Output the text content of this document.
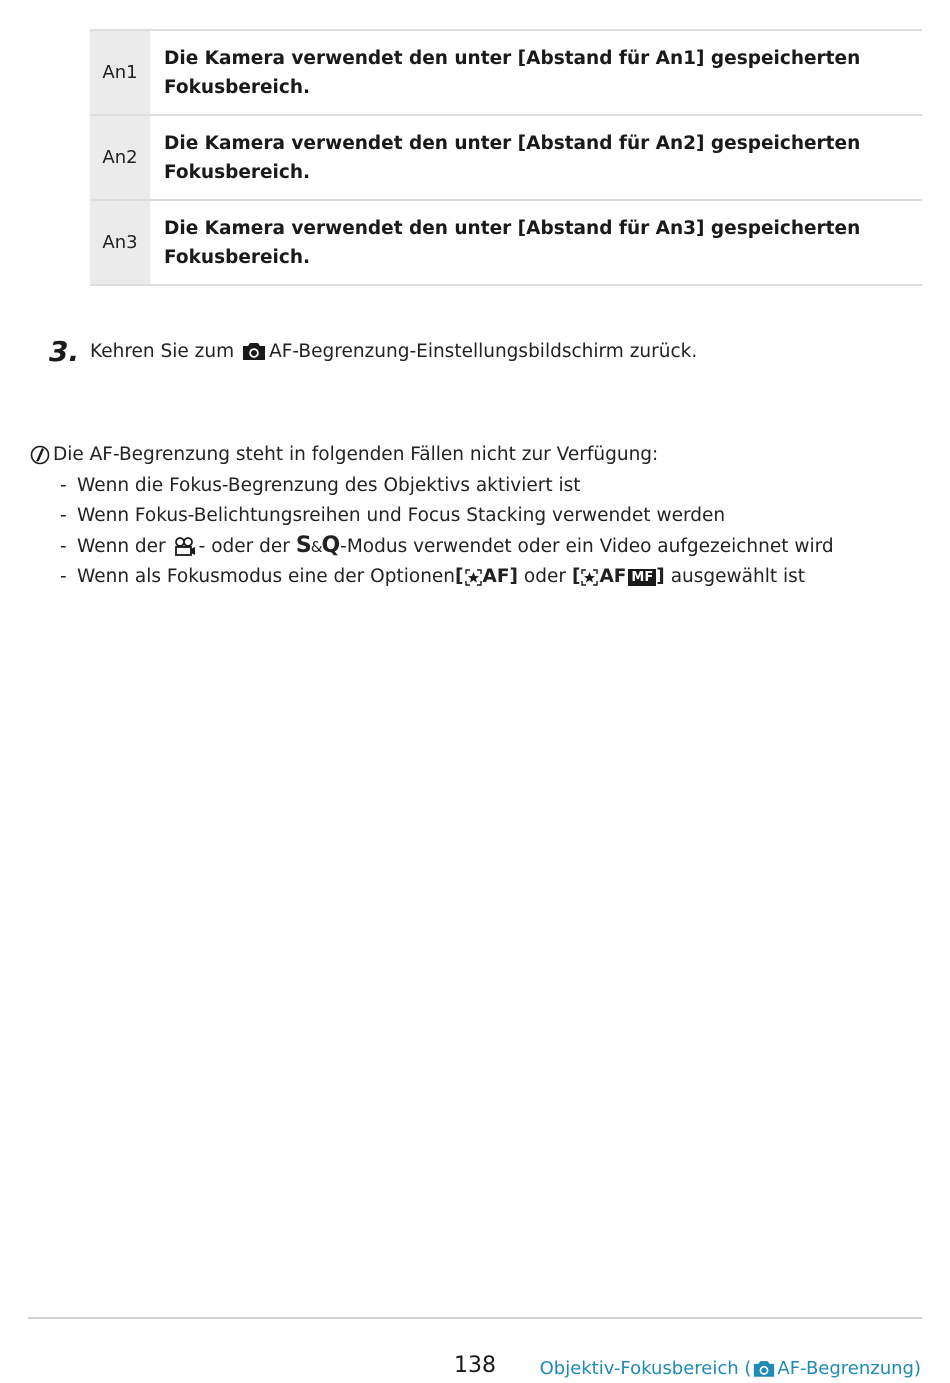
An1	Die Kamera verwendet den unter [Abstand für An1] gespeicherten Fokusbereich.
An2	Die Kamera verwendet den unter [Abstand für An2] gespeicherten Fokusbereich.
An3	Die Kamera verwendet den unter [Abstand für An3] gespeicherten Fokusbereich.
3. Kehren Sie zum AF-Begrenzung-Einstellungsbildschirm zurück.
Die AF-Begrenzung steht in folgenden Fällen nicht zur Verfügung:
- Wenn die Fokus-Begrenzung des Objektivs aktiviert ist
- Wenn Fokus-Belichtungsreihen und Focus Stacking verwendet werden
- Wenn der - oder der S&Q -Modus verwendet oder ein Video aufgezeichnet wird
- Wenn als Fokusmodus eine der Optionen [ AF] oder [ AF MF ] ausgewählt ist
138 Objektiv-Fokusbereich ( AF-Begrenzung)
